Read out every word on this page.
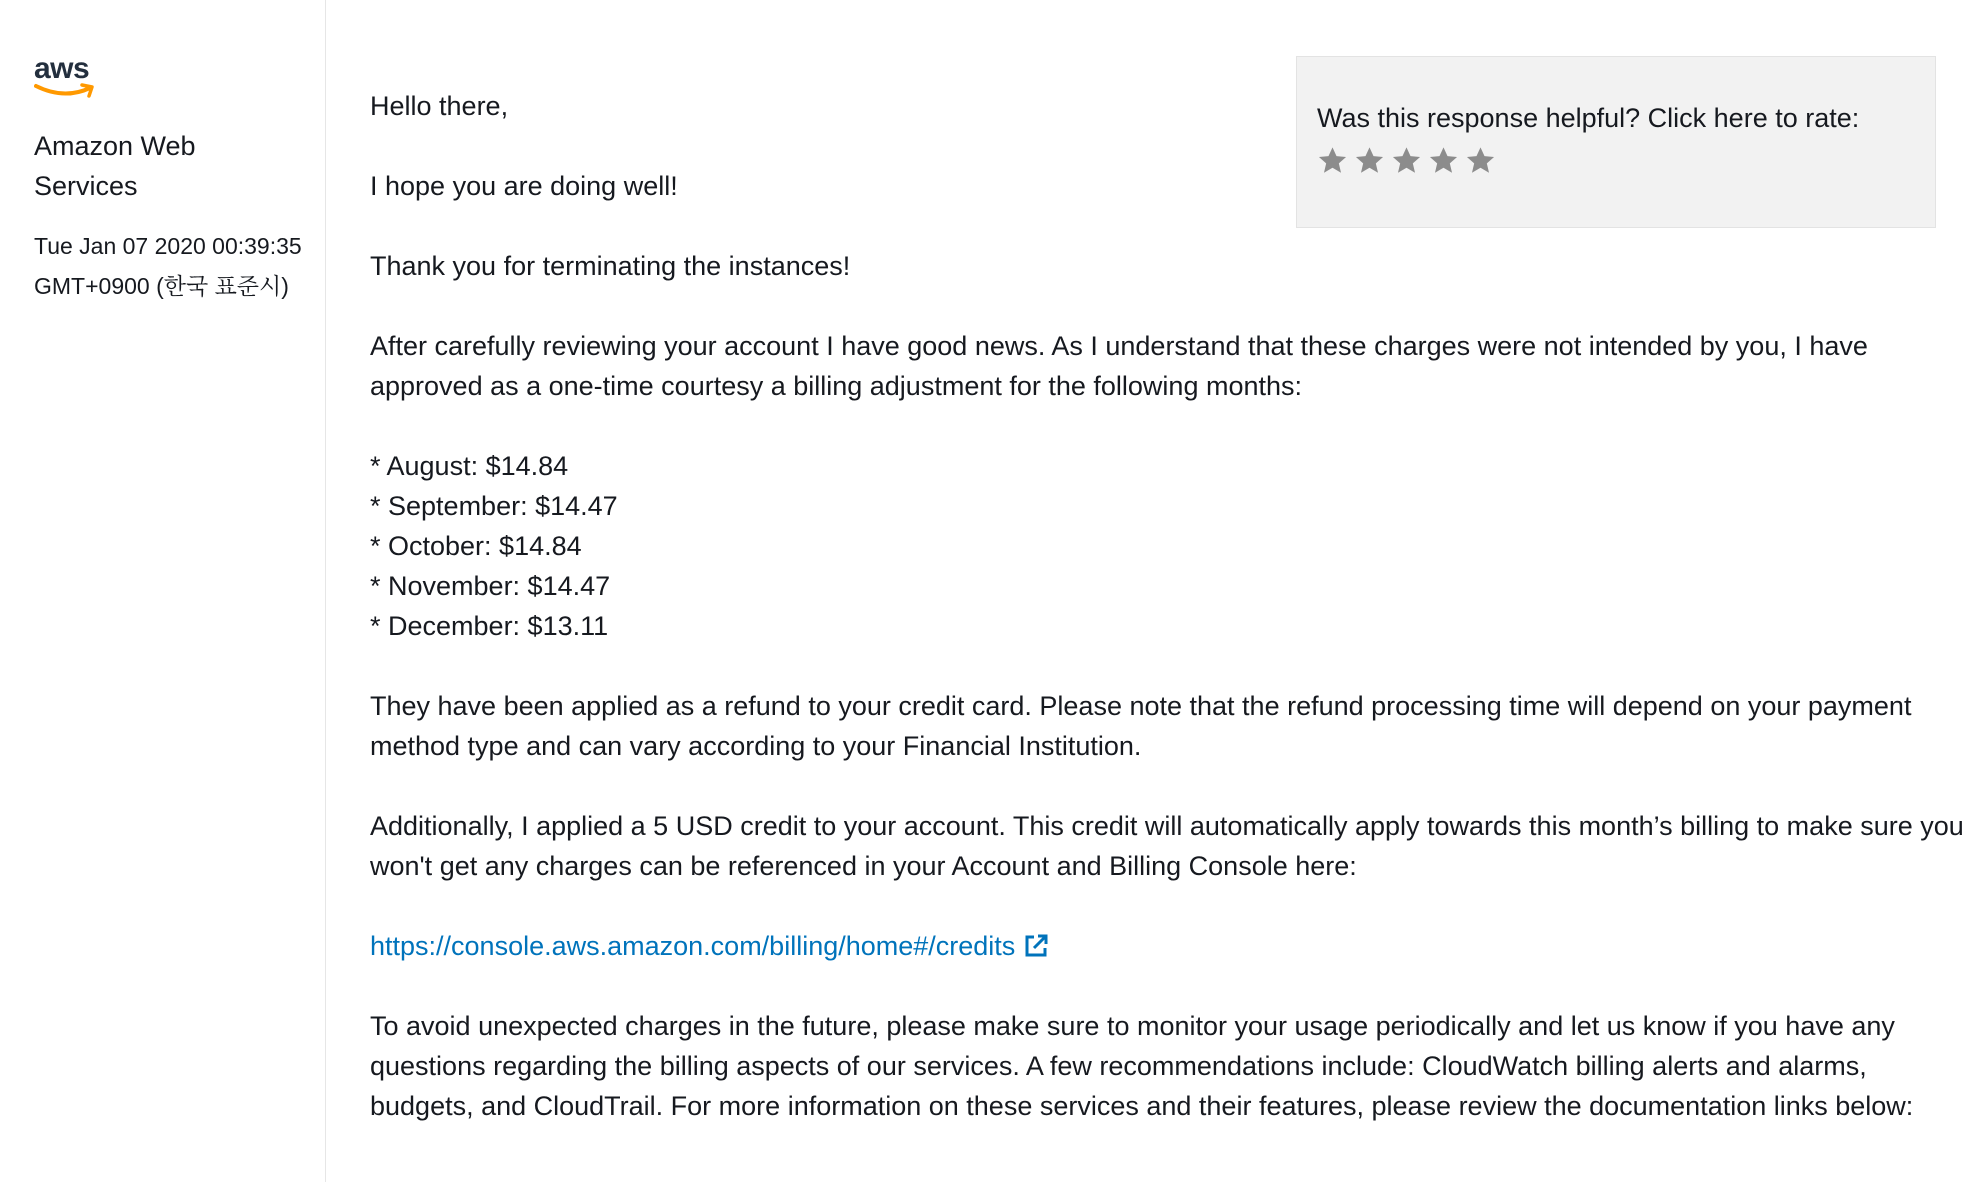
aws
Amazon Web Services
Tue Jan 07 2020 00:39:35 GMT+0900 (한국 표준시)
Was this response helpful? Click here to rate:

Hello there,

I hope you are doing well!

Thank you for terminating the instances!

After carefully reviewing your account I have good news. As I understand that these charges were not intended by you, I have approved as a one-time courtesy a billing adjustment for the following months:

* August: $14.84
* September: $14.47
* October: $14.84
* November: $14.47
* December: $13.11

They have been applied as a refund to your credit card. Please note that the refund processing time will depend on your payment method type and can vary according to your Financial Institution.

Additionally, I applied a 5 USD credit to your account. This credit will automatically apply towards this month’s billing to make sure you won't get any charges can be referenced in your Account and Billing Console here:

https://console.aws.amazon.com/billing/home#/credits

To avoid unexpected charges in the future, please make sure to monitor your usage periodically and let us know if you have any questions regarding the billing aspects of our services. A few recommendations include: CloudWatch billing alerts and alarms, budgets, and CloudTrail. For more information on these services and their features, please review the documentation links below:
